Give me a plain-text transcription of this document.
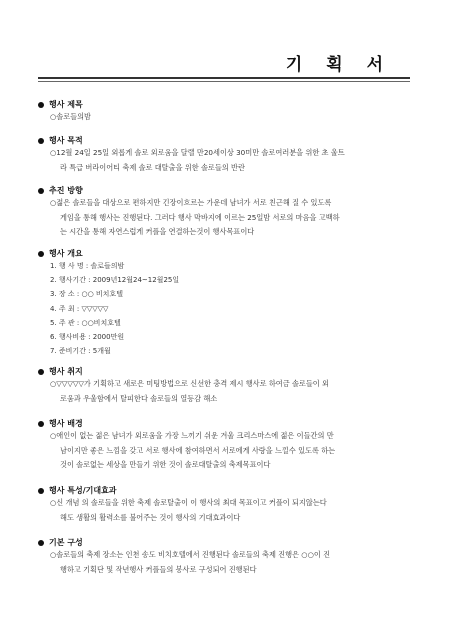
기 획 서
행사 제목
○솔로들의밤
행사 목적
○12월 24일 25일 외롭게 솔로 외로움을 달랠 만20세이상 30미만 솔로여러분을 위한 초 울트
라 특급 버라이어티 축제 솔로 대탈출을 위한 솔로들의 반란
추진 방향
○젊은 솔로들을 대상으로 편하지만 긴장이흐르는 가운데 남녀가 서로 친근해 질 수 있도록
게임을 통해 행사는 진행된다. 그러다 행사 막바지에 이르는 25일밤 서로의 마음을 고백하
는 시간을 통해 자연스럽게 커플을 연결하는것이 행사목표이다
행사 개요
1. 행 사 명 : 솔로들의밤
2. 행사기간 : 2009년12월24~12월25일
3. 장 소 : ○○ 비치호텔
4. 주 최 : ▽▽▽▽▽
5. 주 관 : ○○비치호텔
6. 행사비용 : 2000만원
7. 준비기간 : 5개월
행사 취지
○▽▽▽▽▽가 기획하고 새로은 미팅방법으로 신선한 충격 제시 행사로 하여금 솔로들이 외
로움과 우울함에서 탈피한다 솔로들의 열등감 해소
행사 배경
○애인이 없는 젊은 남녀가 외로움을 가장 느끼기 쉬운 겨울 크리스마스에 젊은 이들간의 만
남이지만 좋은 느낌을 갖고 서로 행사에 참여하면서 서로에게 사랑을 느낄수 있도록 하는
것이 솔로없는 세상을 만들기 위한 것이 솔로대탈출의 축제목표이다
행사 특성/기대효과
○신 개념 의 솔로들을 위한 축제 솔로탈출이 이 행사의 최대 목표이고 커플이 되지않는다
해도 생활의 활력소를 불어주는 것이 행사의 기대효과이다
기본 구성
○솔로들의 축제 장소는 인천 송도 비치호텔에서 진행된다 솔로들의 축제 진행은 ○○이 진
행하고 기획단 및 작년행사 커플들의 봉사로 구성되어 진행된다
